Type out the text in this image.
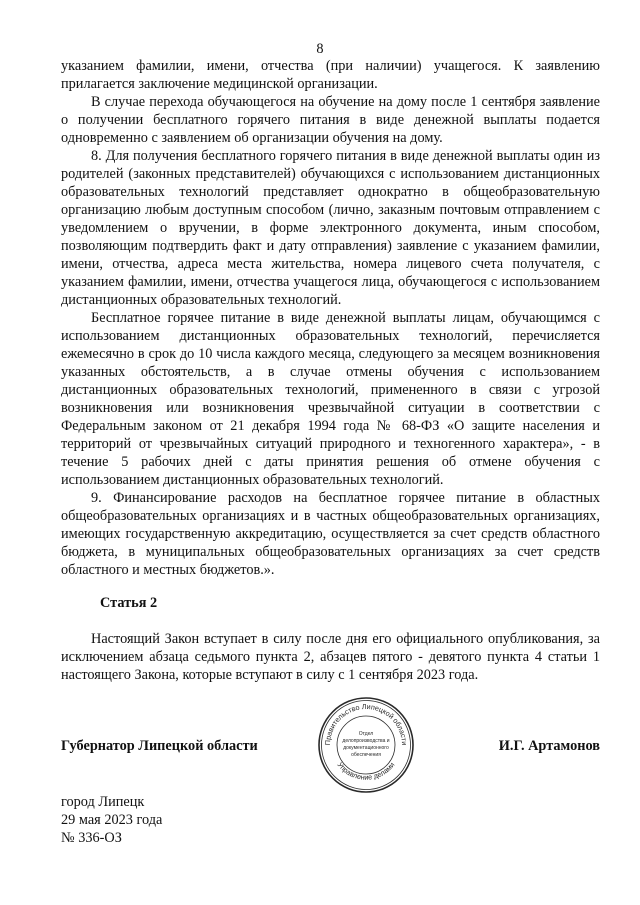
8

указанием фамилии, имени, отчества (при наличии) учащегося. К заявлению прилагается заключение медицинской организации.

В случае перехода обучающегося на обучение на дому после 1 сентября заявление о получении бесплатного горячего питания в виде денежной выплаты подается одновременно с заявлением об организации обучения на дому.

8. Для получения бесплатного горячего питания в виде денежной выплаты один из родителей (законных представителей) обучающихся с использованием дистанционных образовательных технологий представляет однократно в общеобразовательную организацию любым доступным способом (лично, заказным почтовым отправлением с уведомлением о вручении, в форме электронного документа, иным способом, позволяющим подтвердить факт и дату отправления) заявление с указанием фамилии, имени, отчества, адреса места жительства, номера лицевого счета получателя, с указанием фамилии, имени, отчества учащегося лица, обучающегося с использованием дистанционных образовательных технологий.

Бесплатное горячее питание в виде денежной выплаты лицам, обучающимся с использованием дистанционных образовательных технологий, перечисляется ежемесячно в срок до 10 числа каждого месяца, следующего за месяцем возникновения указанных обстоятельств, а в случае отмены обучения с использованием дистанционных образовательных технологий, примененного в связи с угрозой возникновения или возникновения чрезвычайной ситуации в соответствии с Федеральным законом от 21 декабря 1994 года № 68-ФЗ «О защите населения и территорий от чрезвычайных ситуаций природного и техногенного характера», - в течение 5 рабочих дней с даты принятия решения об отмене обучения с использованием дистанционных образовательных технологий.

9. Финансирование расходов на бесплатное горячее питание в областных общеобразовательных организациях и в частных общеобразовательных организациях, имеющих государственную аккредитацию, осуществляется за счет средств областного бюджета, в муниципальных общеобразовательных организациях за счет средств областного и местных бюджетов.».

Статья 2

Настоящий Закон вступает в силу после дня его официального опубликования, за исключением абзаца седьмого пункта 2, абзацев пятого - девятого пункта 4 статьи 1 настоящего Закона, которые вступают в силу с 1 сентября 2023 года.

Губернатор Липецкой области	И.Г. Артамонов
Правительство Липецкой области
Управление делами
Отдел
делопроизводства и
документационного
обеспечения
город Липецк
29 мая 2023 года
№ 336-ОЗ
